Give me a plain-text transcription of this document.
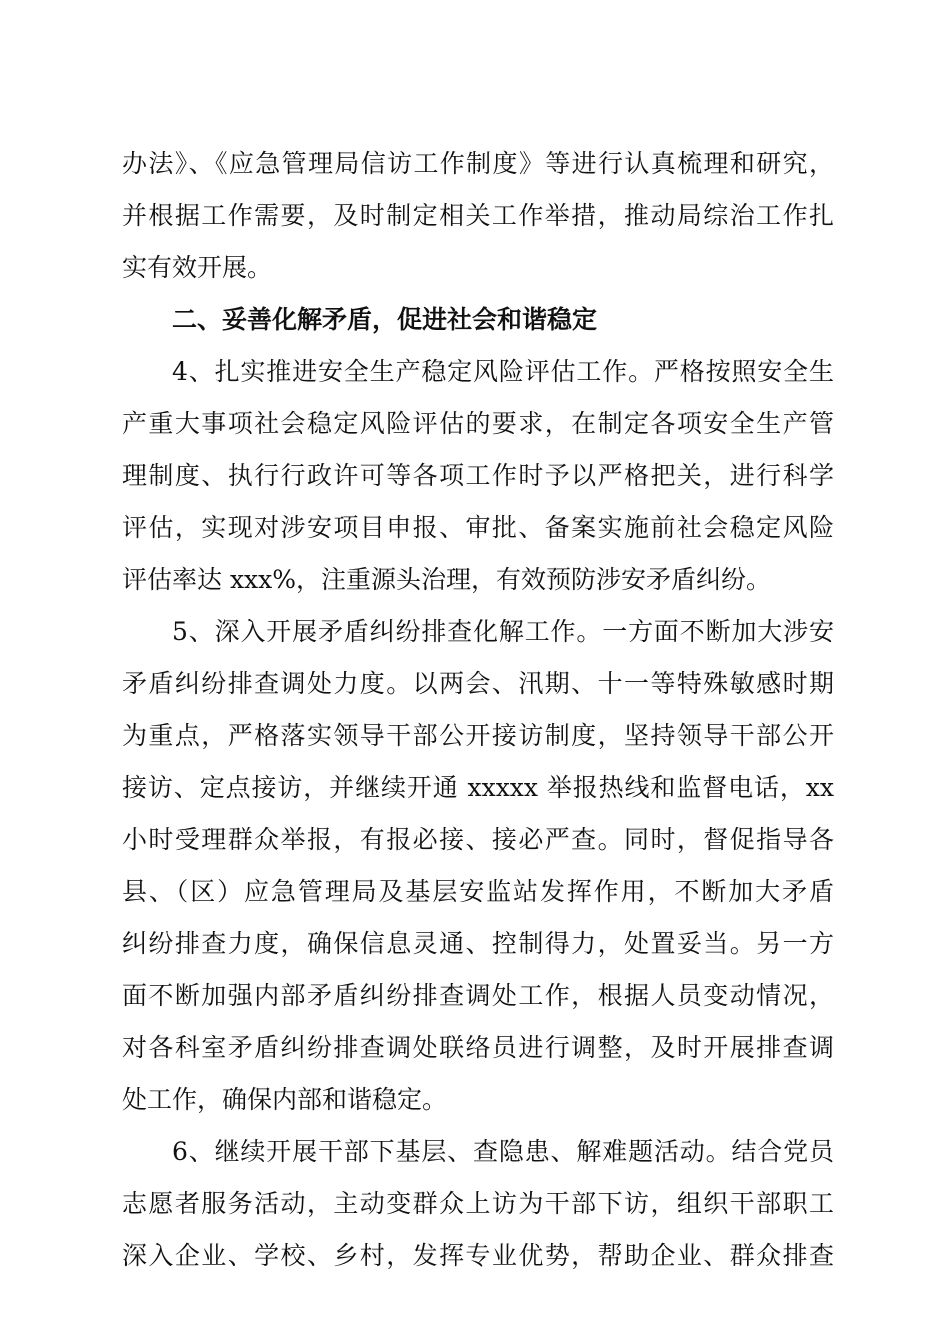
办法》、《应急管理局信访工作制度》等进行认真梳理和研究，
并根据工作需要，及时制定相关工作举措，推动局综治工作扎
实有效开展。
二、妥善化解矛盾，促进社会和谐稳定
4、扎实推进安全生产稳定风险评估工作。严格按照安全生
产重大事项社会稳定风险评估的要求，在制定各项安全生产管
理制度、执行行政许可等各项工作时予以严格把关，进行科学
评估，实现对涉安项目申报、审批、备案实施前社会稳定风险
评估率达 xxx%，注重源头治理，有效预防涉安矛盾纠纷。
5、深入开展矛盾纠纷排查化解工作。一方面不断加大涉安
矛盾纠纷排查调处力度。以两会、汛期、十一等特殊敏感时期
为重点，严格落实领导干部公开接访制度，坚持领导干部公开
接访、定点接访，并继续开通 xxxxx 举报热线和监督电话，xx
小时受理群众举报，有报必接、接必严查。同时，督促指导各
县、（区）应急管理局及基层安监站发挥作用，不断加大矛盾
纠纷排查力度，确保信息灵通、控制得力，处置妥当。另一方
面不断加强内部矛盾纠纷排查调处工作，根据人员变动情况，
对各科室矛盾纠纷排查调处联络员进行调整，及时开展排查调
处工作，确保内部和谐稳定。
6、继续开展干部下基层、查隐患、解难题活动。结合党员
志愿者服务活动，主动变群众上访为干部下访，组织干部职工
深入企业、学校、乡村，发挥专业优势，帮助企业、群众排查
